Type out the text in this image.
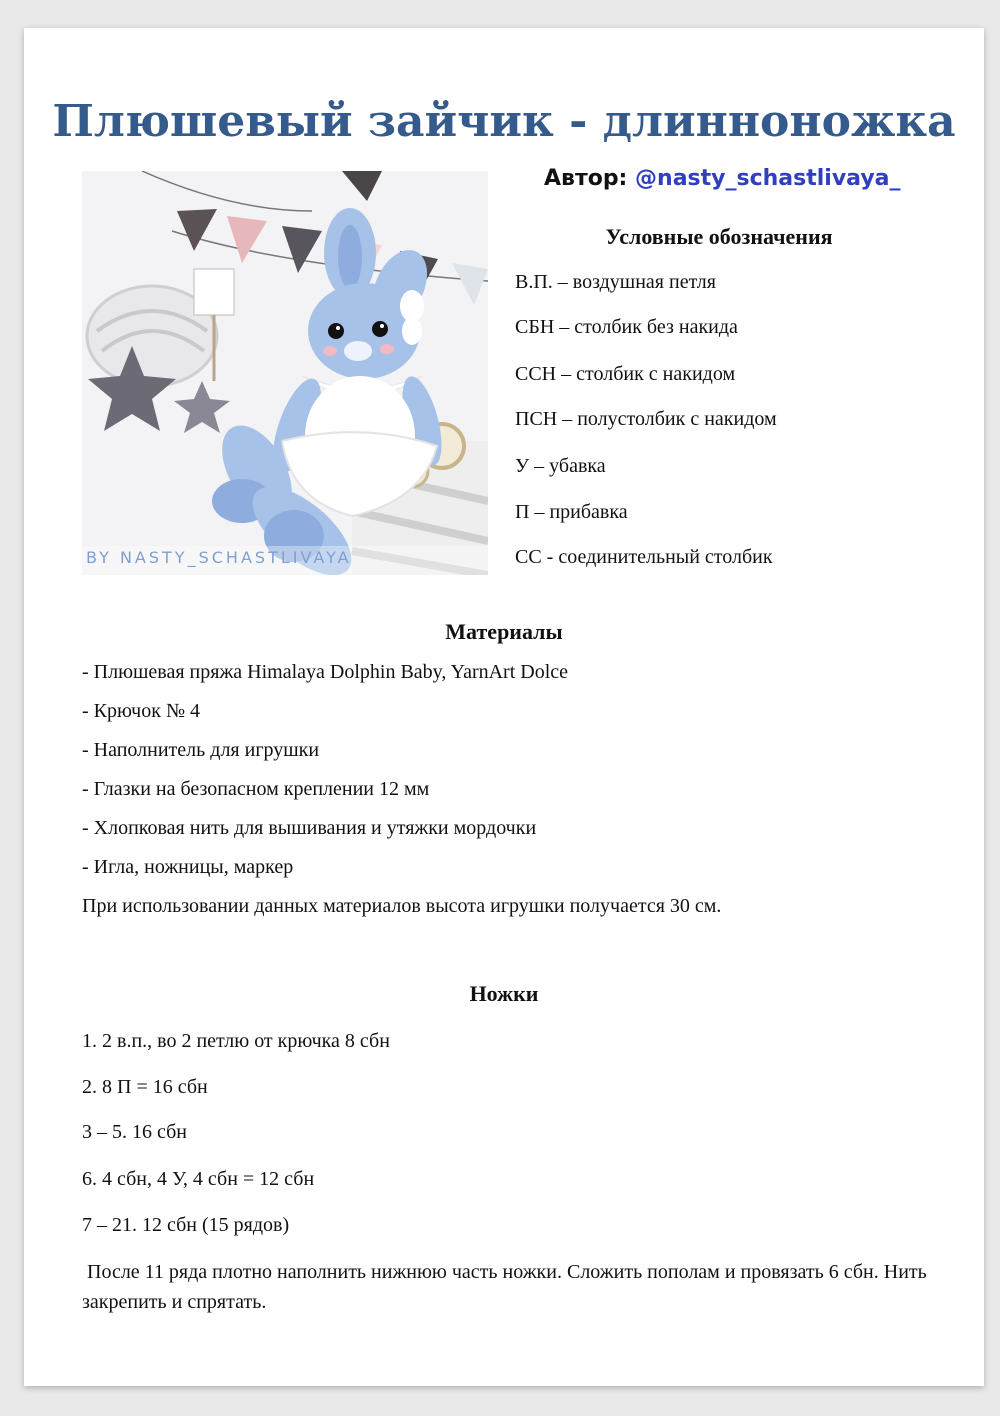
Плюшевый зайчик - длинноножка
BY NASTY_SCHASTLIVAYA
Автор: @nasty_schastlivaya_
Условные обозначения
В.П. – воздушная петля
СБН – столбик без накида
ССН – столбик с накидом
ПСН – полустолбик с накидом
У – убавка
П – прибавка
СС - соединительный столбик
Материалы
- Плюшевая пряжа Himalaya Dolphin Baby, YarnArt Dolce
- Крючок № 4
- Наполнитель для игрушки
- Глазки на безопасном креплении 12 мм
- Хлопковая нить для вышивания и утяжки мордочки
- Игла, ножницы, маркер
При использовании данных материалов высота игрушки получается 30 см.
Ножки
1. 2 в.п., во 2 петлю от крючка 8 сбн
2. 8 П = 16 сбн
3 – 5. 16 сбн
6. 4 сбн, 4 У, 4 сбн = 12 сбн
7 – 21. 12 сбн (15 рядов)
После 11 ряда плотно наполнить нижнюю часть ножки. Сложить пополам и провязать 6 сбн. Нить закрепить и спрятать.
